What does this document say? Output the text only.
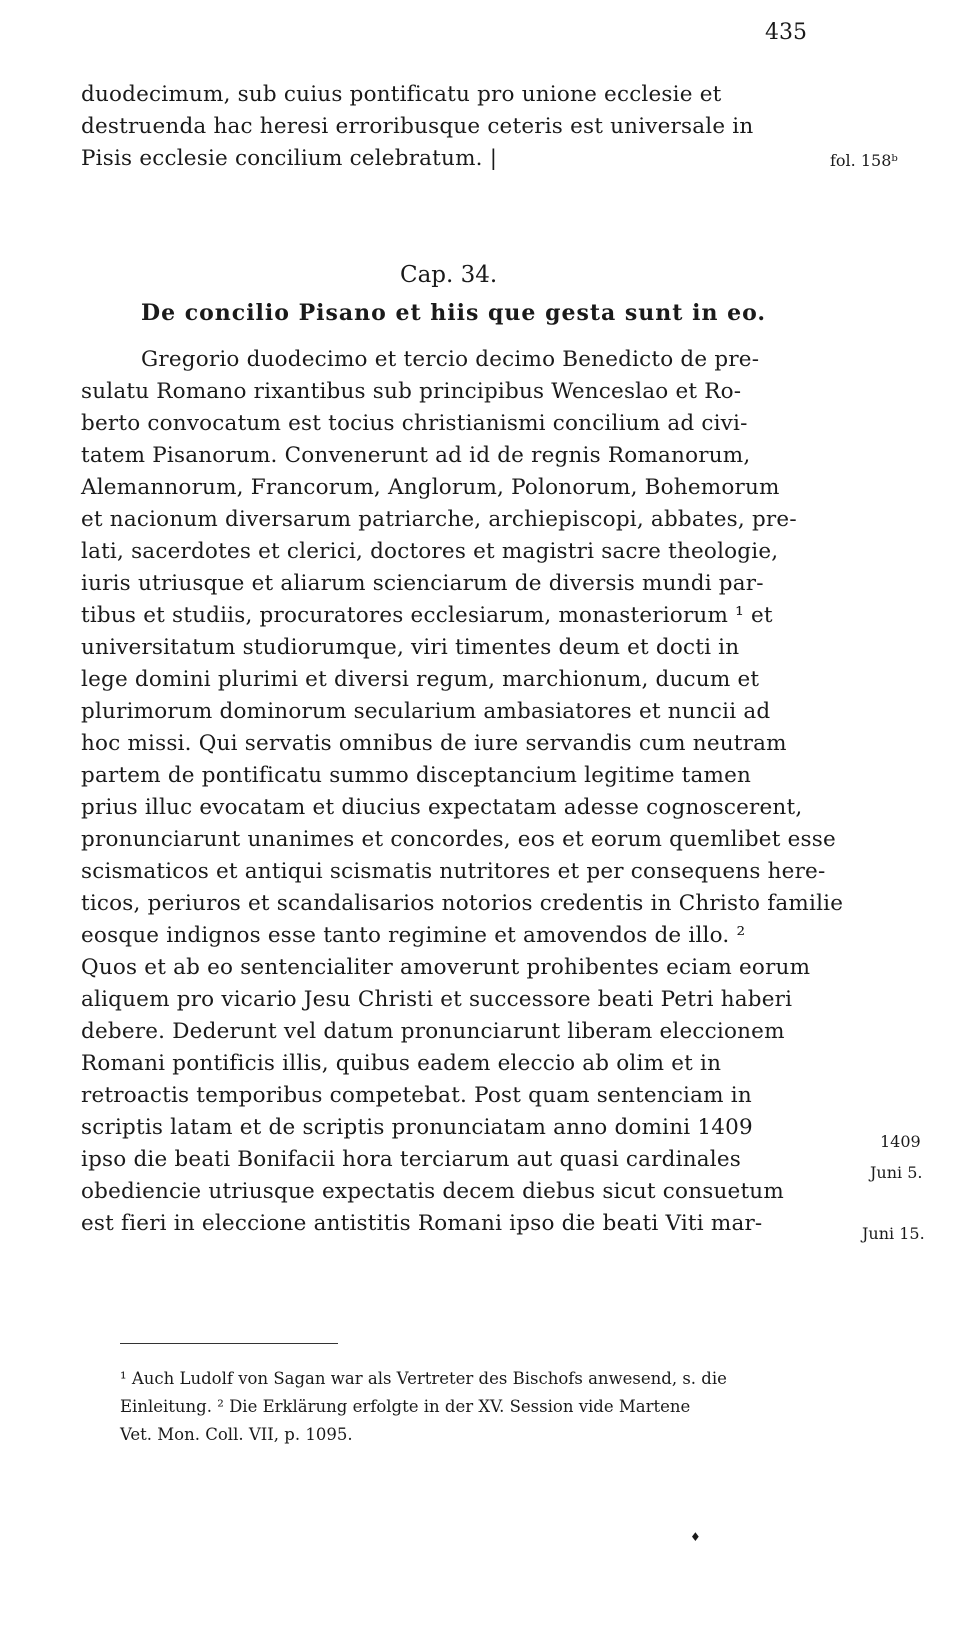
435
duodecimum, sub cuius pontificatu pro unione ecclesie et
destruenda hac heresi erroribusque ceteris est universale in
Pisis ecclesie concilium celebratum. |	fol. 158ᵇ
Cap. 34.
De concilio Pisano et hiis que gesta sunt in eo.
Gregorio duodecimo et tercio decimo Benedicto de pre-
sulatu Romano rixantibus sub principibus Wenceslao et Ro-
berto convocatum est tocius christianismi concilium ad civi-
tatem Pisanorum. Convenerunt ad id de regnis Romanorum,
Alemannorum, Francorum, Anglorum, Polonorum, Bohemorum
et nacionum diversarum patriarche, archiepiscopi, abbates, pre-
lati, sacerdotes et clerici, doctores et magistri sacre theologie,
iuris utriusque et aliarum scienciarum de diversis mundi par-
tibus et studiis, procuratores ecclesiarum, monasteriorum ¹ et
universitatum studiorumque, viri timentes deum et docti in
lege domini plurimi et diversi regum, marchionum, ducum et
plurimorum dominorum secularium ambasiatores et nuncii ad
hoc missi. Qui servatis omnibus de iure servandis cum neutram
partem de pontificatu summo disceptancium legitime tamen
prius illuc evocatam et diucius expectatam adesse cognoscerent,
pronunciarunt unanimes et concordes, eos et eorum quemlibet esse
scismaticos et antiqui scismatis nutritores et per consequens here-
ticos, periuros et scandalisarios notorios credentis in Christo familie
eosque indignos esse tanto regimine et amovendos de illo. ²
Quos et ab eo sentencialiter amoverunt prohibentes eciam eorum
aliquem pro vicario Jesu Christi et successore beati Petri haberi
debere. Dederunt vel datum pronunciarunt liberam eleccionem
Romani pontificis illis, quibus eadem eleccio ab olim et in
retroactis temporibus competebat. Post quam sentenciam in
scriptis latam et de scriptis pronunciatam anno domini 1409
ipso die beati Bonifacii hora terciarum aut quasi cardinales
obediencie utriusque expectatis decem diebus sicut consuetum
est fieri in eleccione antistitis Romani ipso die beati Viti mar-
1409
Juni 5.
Juni 15.
¹ Auch Ludolf von Sagan war als Vertreter des Bischofs anwesend, s. die
Einleitung. ² Die Erklärung erfolgte in der XV. Session vide Martene
Vet. Mon. Coll. VII, p. 1095.
♦
